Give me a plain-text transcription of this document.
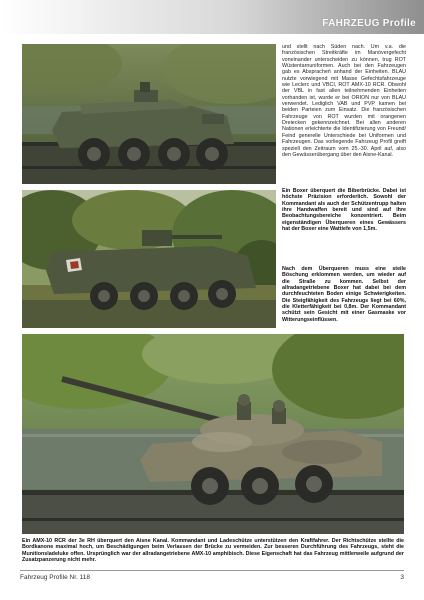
FAHRZEUG Profile
und stellt nach Süden nach. Um v.a. die französischen Streitkräfte im Manövergefecht voneinander unterscheiden zu können, trug ROT Wüstentarnuniformen. Auch bei den Fahrzeugen gab es Abspracheń anhand der Einheiten. BLAU nutzte vorwiegend mit Masse Gefechtsfahrzeuge wie Leclerc und VBCI, ROT AMX-10 RCR. Obwohl der VBL in fast allen teilnehmenden Einheiten vorhanden ist, wurde er bei ORION nur von BLAU verwendet. Lediglich VAB und PVP kamen bei beiden Parteien zum Einsatz. Die französischen Fahrzeuge von ROT wurden mit orangenen Dreiecken gekennzeichnet. Bei allen anderen Nationen erleichterte die Identifizierung von Freund/ Feind generelle Unterschiede bei Uniformen und Fahrzeugen. Das vorliegende Fahrzeug Profil greift speziell den Zeitraum vom 25.-30. April auf, also den Gewässerübergang über den Aisne-Kanal.
Ein Boxer überquert die Biberbrücke. Dabei ist höchste Präzision erforderlich. Sowohl der Kommandant als auch der Schützentrupp halten ihre Handwaffen bereit und sind auf ihre Beobachtungsbereiche konzentriert. Beim eigenständigen Überqueren eines Gewässers hat der Boxer eine Wattiefe von 1,5m.
Nach dem Überqueren muss eine steile Böschung erklommen werden, um wieder auf die Straße zu kommen. Selbst der allradangetriebene Boxer hat dabei bei dem durchfeuchteten Boden einige Schwierigkeiten. Die Steigfähigkeit des Fahrzeugs liegt bei 60%, die Kletterfähigkeit bei 0,8m. Der Kommandant schützt sein Gesicht mit einer Gasmaske vor Witterungseinflüssen.
Ein AMX-10 RCR der 3e RH überquert den Aisne Kanal. Kommandant und Ladeschütze unterstützen den Kraftfahrer. Der Richtschütze stellte die Bordkanone maximal hoch, um Beschädigungen beim Verlassen der Brücke zu vermeiden. Zur besseren Durchführung des Fahrzeugs, steht die Munitionsladeluke offen. Ursprünglich war der allradangetriebene AMX-10 amphibisch. Diese Eigenschaft hat das Fahrzeug mittlerweile aufgrund der Zusatzpanzerung nicht mehr.
Fahrzeug Profile Nr. 118	3
